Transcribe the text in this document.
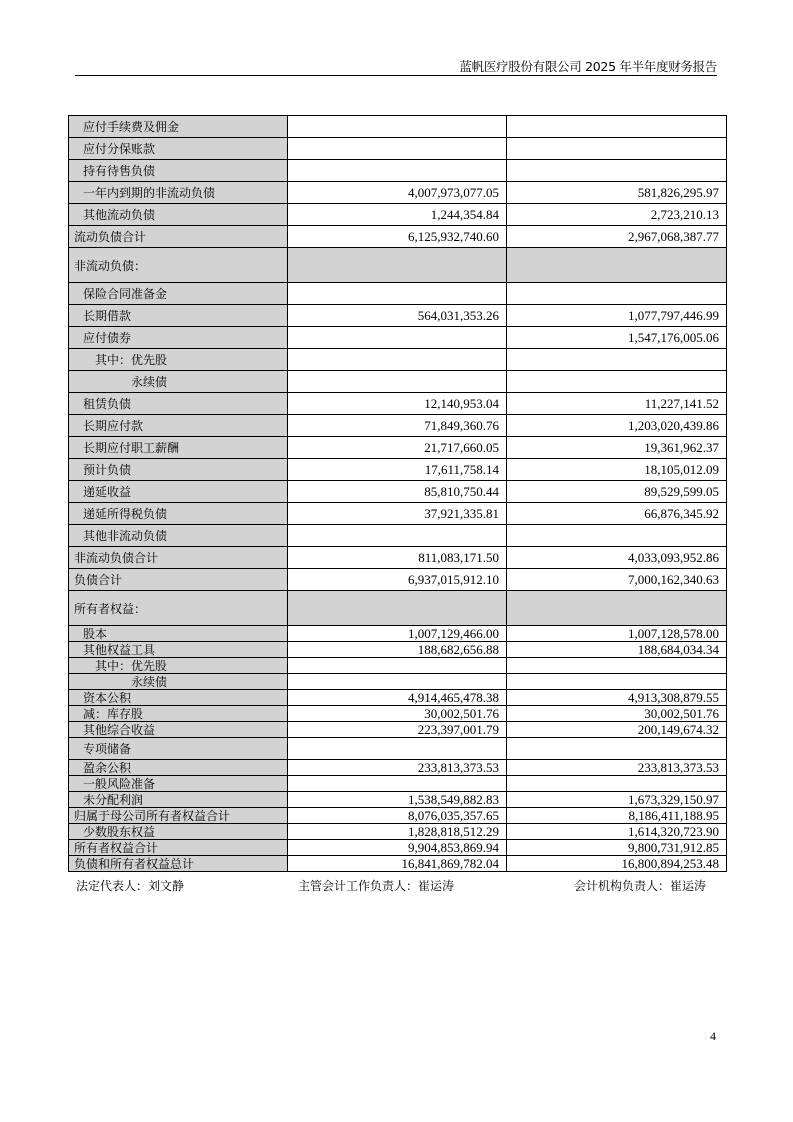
蓝帆医疗股份有限公司 2025 年半年度财务报告
应付手续费及佣金		
应付分保账款		
持有待售负债		
一年内到期的非流动负债	4,007,973,077.05	581,826,295.97
其他流动负债	1,244,354.84	2,723,210.13
流动负债合计	6,125,932,740.60	2,967,068,387.77
非流动负债：		
保险合同准备金		
长期借款	564,031,353.26	1,077,797,446.99
应付债券		1,547,176,005.06
其中：优先股		
永续债		
租赁负债	12,140,953.04	11,227,141.52
长期应付款	71,849,360.76	1,203,020,439.86
长期应付职工薪酬	21,717,660.05	19,361,962.37
预计负债	17,611,758.14	18,105,012.09
递延收益	85,810,750.44	89,529,599.05
递延所得税负债	37,921,335.81	66,876,345.92
其他非流动负债		
非流动负债合计	811,083,171.50	4,033,093,952.86
负债合计	6,937,015,912.10	7,000,162,340.63
所有者权益：		
股本	1,007,129,466.00	1,007,128,578.00
其他权益工具	188,682,656.88	188,684,034.34
其中：优先股		
永续债		
资本公积	4,914,465,478.38	4,913,308,879.55
减：库存股	30,002,501.76	30,002,501.76
其他综合收益	223,397,001.79	200,149,674.32
专项储备		
盈余公积	233,813,373.53	233,813,373.53
一般风险准备		
未分配利润	1,538,549,882.83	1,673,329,150.97
归属于母公司所有者权益合计	8,076,035,357.65	8,186,411,188.95
少数股东权益	1,828,818,512.29	1,614,320,723.90
所有者权益合计	9,904,853,869.94	9,800,731,912.85
负债和所有者权益总计	16,841,869,782.04	16,800,894,253.48
法定代表人：刘文静	主管会计工作负责人：崔运涛	会计机构负责人：崔运涛
4
